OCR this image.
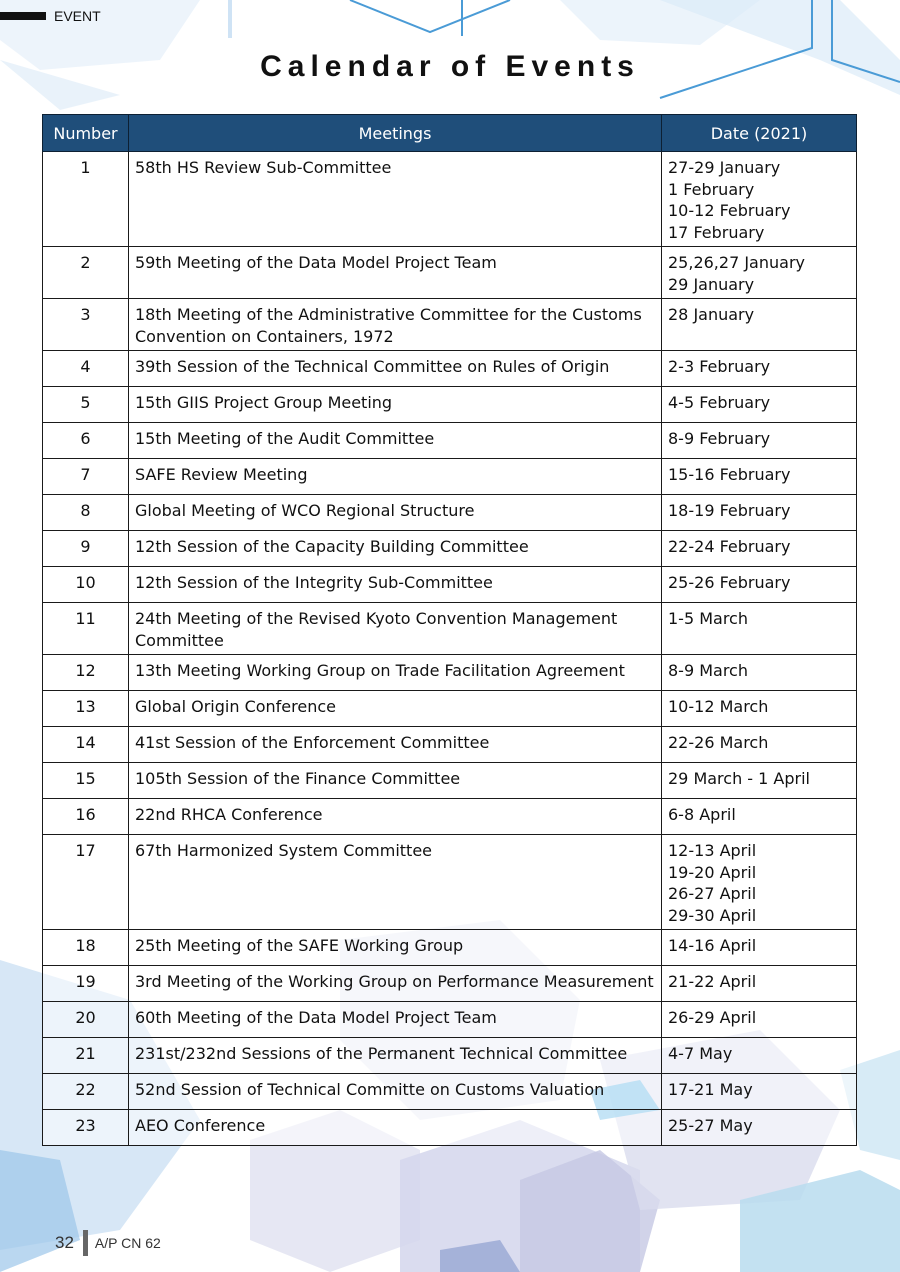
EVENT
Calendar of Events
Number	Meetings	Date (2021)
1	58th HS Review Sub-Committee	27-29 January
1 February
10-12 February
17 February

2	59th Meeting of the Data Model Project Team	25,26,27 January
29 January

3	18th Meeting of the Administrative Committee for the Customs Convention on Containers, 1972	28 January

4	39th Session of the Technical Committee on Rules of Origin	2-3 February

5	15th GIIS Project Group Meeting	4-5 February

6	15th Meeting of the Audit Committee	8-9 February

7	SAFE Review Meeting	15-16 February

8	Global Meeting of WCO Regional Structure	18-19 February

9	12th Session of the Capacity Building Committee	22-24 February

10	12th Session of the Integrity Sub-Committee	25-26 February

11	24th Meeting of the Revised Kyoto Convention Management Committee	1-5 March

12	13th Meeting Working Group on Trade Facilitation Agreement	8-9 March

13	Global Origin Conference	10-12 March

14	41st Session of the Enforcement Committee	22-26 March

15	105th Session of the Finance Committee	29 March - 1 April

16	22nd RHCA Conference	6-8 April

17	67th Harmonized System Committee	12-13 April
19-20 April
26-27 April
29-30 April

18	25th Meeting of the SAFE Working Group	14-16 April

19	3rd Meeting of the Working Group on Performance Measurement	21-22 April

20	60th Meeting of the Data Model Project Team	26-29 April

21	231st/232nd Sessions of the Permanent Technical Committee	4-7 May

22	52nd Session of Technical Committe on Customs Valuation	17-21 May

23	AEO Conference	25-27 May
32 A/P CN 62
